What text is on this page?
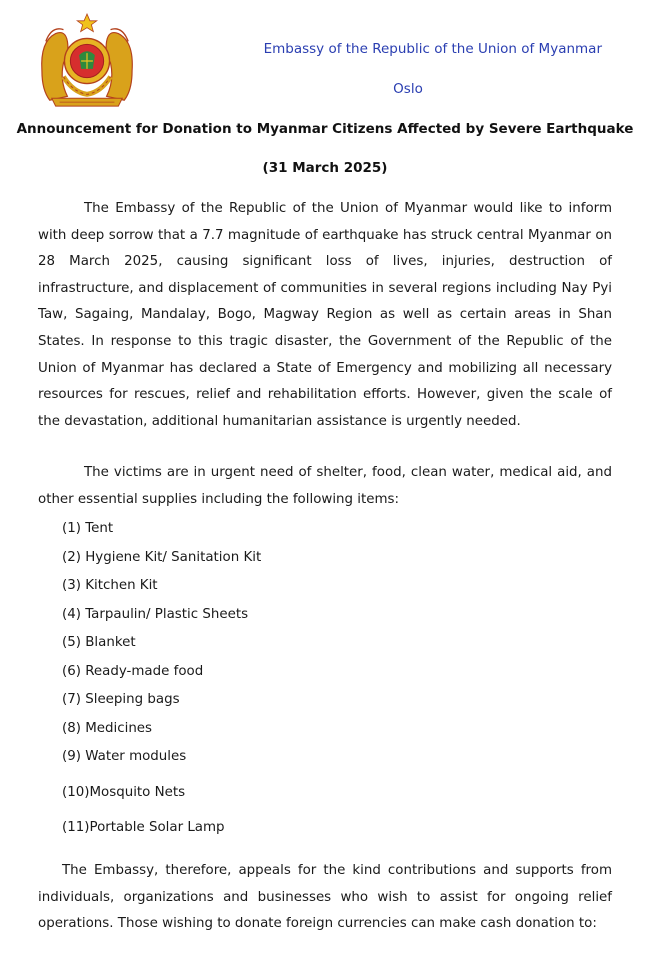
Embassy of the Republic of the Union of Myanmar
Oslo
Announcement for Donation to Myanmar Citizens Affected by Severe Earthquake
(31 March 2025)

The Embassy of the Republic of the Union of Myanmar would like to inform with deep sorrow that a 7.7 magnitude of earthquake has struck central Myanmar on 28 March 2025, causing significant loss of lives, injuries, destruction of infrastructure, and displacement of communities in several regions including Nay Pyi Taw, Sagaing, Mandalay, Bogo, Magway Region as well as certain areas in Shan States. In response to this tragic disaster, the Government of the Republic of the Union of Myanmar has declared a State of Emergency and mobilizing all necessary resources for rescues, relief and rehabilitation efforts. However, given the scale of the devastation, additional humanitarian assistance is urgently needed.

The victims are in urgent need of shelter, food, clean water, medical aid, and other essential supplies including the following items:

(1) Tent
(2) Hygiene Kit/ Sanitation Kit
(3) Kitchen Kit
(4) Tarpaulin/ Plastic Sheets
(5) Blanket
(6) Ready-made food
(7) Sleeping bags
(8) Medicines
(9) Water modules
(10)Mosquito Nets
(11)Portable Solar Lamp

The Embassy, therefore, appeals for the kind contributions and supports from individuals, organizations and businesses who wish to assist for ongoing relief operations. Those wishing to donate foreign currencies can make cash donation to:
